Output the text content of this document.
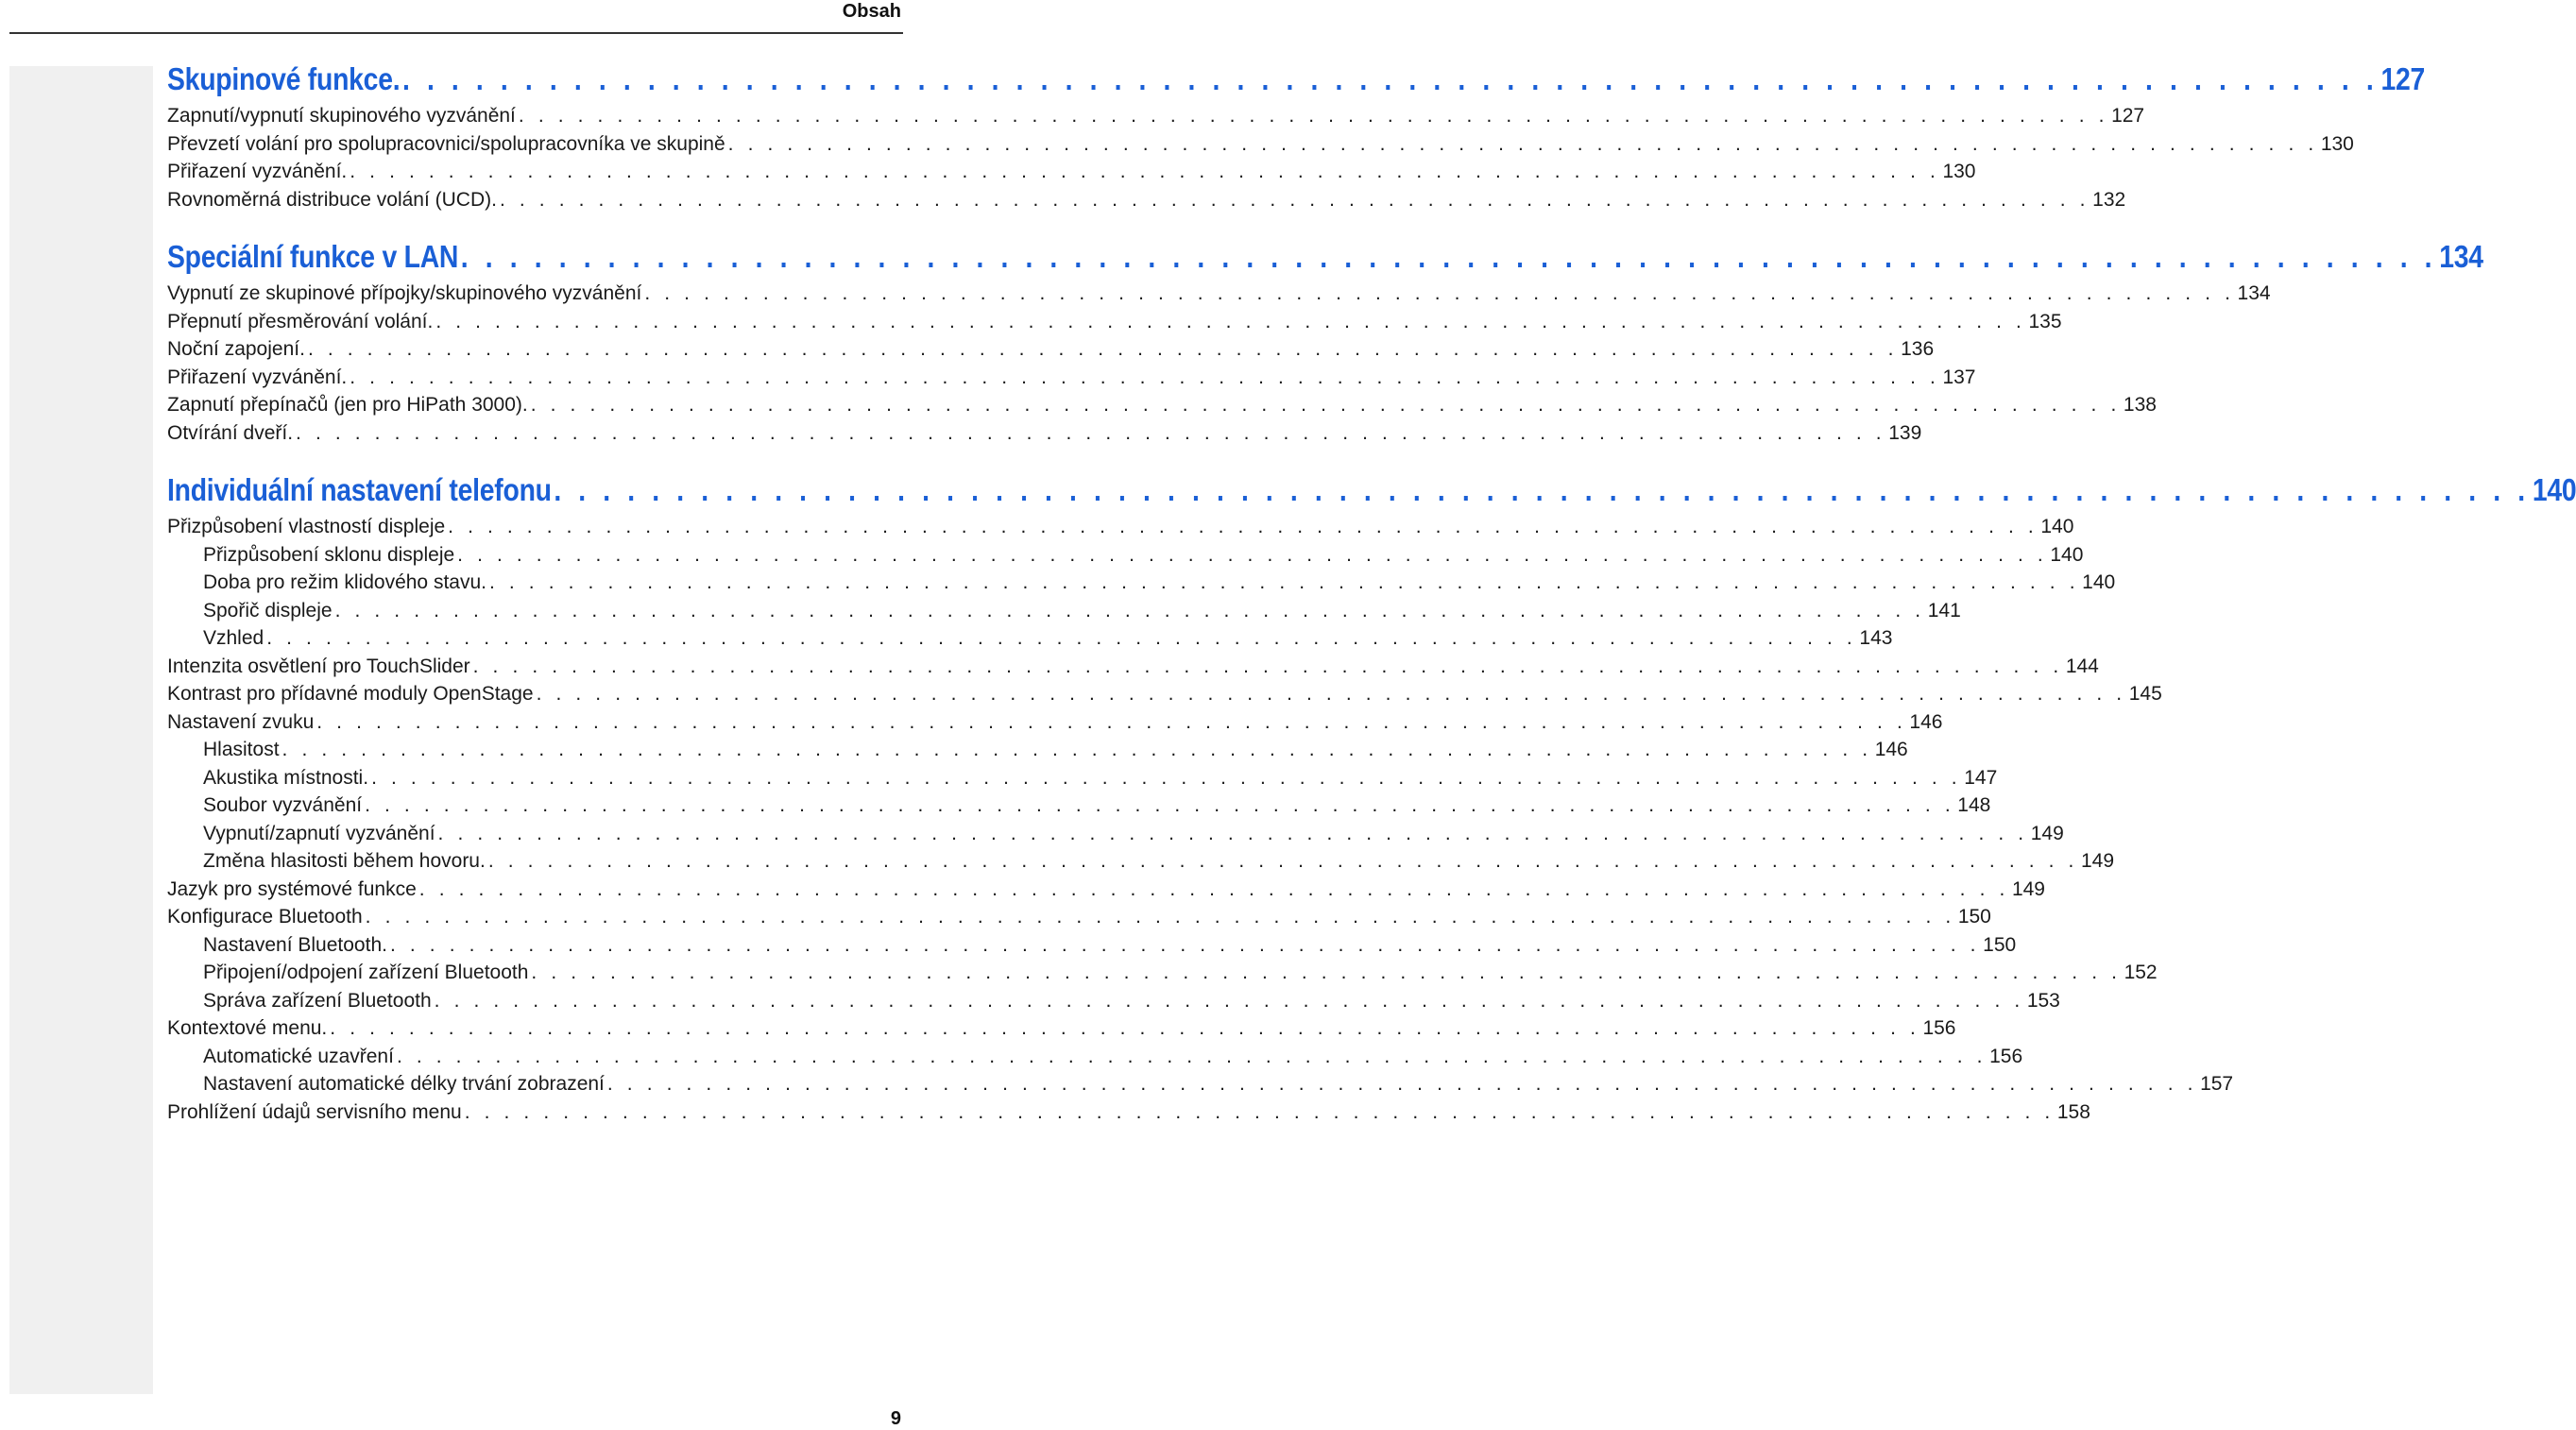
Obsah
Skupinové funkce. . . . . . . . . . . . . . . . . . . . . . . . . . . . . . . . . . . . . . . . . . . . . . . . . . . . . . . . . . . . . . . . . . . . . . . . . . . . . . . . . . 127
Zapnutí/vypnutí skupinového vyzvánění . . . . . . . . . . . . . . . . . . . . . . . . . . . . . . . . . . . . . . . . . . . . . . . . . . . . . . . . . . . . . . . . . . . . . . . . . . . . . . . . . 127
Převzetí volání pro spolupracovnici/spolupracovníka ve skupině . . . . . . . . . . . . . . . . . . . . . . . . . . . . . . . . . . . . . . . . . . . . . . . . . . . . . . . . . . . . . . . . . . . . . . . . . . . . . . . . . 130
Přiřazení vyzvánění. . . . . . . . . . . . . . . . . . . . . . . . . . . . . . . . . . . . . . . . . . . . . . . . . . . . . . . . . . . . . . . . . . . . . . . . . . . . . . . . . . 130
Rovnoměrná distribuce volání (UCD). . . . . . . . . . . . . . . . . . . . . . . . . . . . . . . . . . . . . . . . . . . . . . . . . . . . . . . . . . . . . . . . . . . . . . . . . . . . . . . . . . 132
Speciální funkce v LAN . . . . . . . . . . . . . . . . . . . . . . . . . . . . . . . . . . . . . . . . . . . . . . . . . . . . . . . . . . . . . . . . . . . . . . . . . . . . . . . . . 134
Vypnutí ze skupinové přípojky/skupinového vyzvánění . . . . . . . . . . . . . . . . . . . . . . . . . . . . . . . . . . . . . . . . . . . . . . . . . . . . . . . . . . . . . . . . . . . . . . . . . . . . . . . . . 134
Přepnutí přesměrování volání. . . . . . . . . . . . . . . . . . . . . . . . . . . . . . . . . . . . . . . . . . . . . . . . . . . . . . . . . . . . . . . . . . . . . . . . . . . . . . . . . . 135
Noční zapojení. . . . . . . . . . . . . . . . . . . . . . . . . . . . . . . . . . . . . . . . . . . . . . . . . . . . . . . . . . . . . . . . . . . . . . . . . . . . . . . . . . 136
Přiřazení vyzvánění. . . . . . . . . . . . . . . . . . . . . . . . . . . . . . . . . . . . . . . . . . . . . . . . . . . . . . . . . . . . . . . . . . . . . . . . . . . . . . . . . . 137
Zapnutí přepínačů (jen pro HiPath 3000). . . . . . . . . . . . . . . . . . . . . . . . . . . . . . . . . . . . . . . . . . . . . . . . . . . . . . . . . . . . . . . . . . . . . . . . . . . . . . . . . . 138
Otvírání dveří. . . . . . . . . . . . . . . . . . . . . . . . . . . . . . . . . . . . . . . . . . . . . . . . . . . . . . . . . . . . . . . . . . . . . . . . . . . . . . . . . . 139
Individuální nastavení telefonu . . . . . . . . . . . . . . . . . . . . . . . . . . . . . . . . . . . . . . . . . . . . . . . . . . . . . . . . . . . . . . . . . . . . . . . . . . . . . . . . . 140
Přizpůsobení vlastností displeje . . . . . . . . . . . . . . . . . . . . . . . . . . . . . . . . . . . . . . . . . . . . . . . . . . . . . . . . . . . . . . . . . . . . . . . . . . . . . . . . . 140
Přizpůsobení sklonu displeje . . . . . . . . . . . . . . . . . . . . . . . . . . . . . . . . . . . . . . . . . . . . . . . . . . . . . . . . . . . . . . . . . . . . . . . . . . . . . . . . . 140
Doba pro režim klidového stavu. . . . . . . . . . . . . . . . . . . . . . . . . . . . . . . . . . . . . . . . . . . . . . . . . . . . . . . . . . . . . . . . . . . . . . . . . . . . . . . . . . 140
Spořič displeje . . . . . . . . . . . . . . . . . . . . . . . . . . . . . . . . . . . . . . . . . . . . . . . . . . . . . . . . . . . . . . . . . . . . . . . . . . . . . . . . . 141
Vzhled . . . . . . . . . . . . . . . . . . . . . . . . . . . . . . . . . . . . . . . . . . . . . . . . . . . . . . . . . . . . . . . . . . . . . . . . . . . . . . . . . 143
Intenzita osvětlení pro TouchSlider . . . . . . . . . . . . . . . . . . . . . . . . . . . . . . . . . . . . . . . . . . . . . . . . . . . . . . . . . . . . . . . . . . . . . . . . . . . . . . . . . 144
Kontrast pro přídavné moduly OpenStage . . . . . . . . . . . . . . . . . . . . . . . . . . . . . . . . . . . . . . . . . . . . . . . . . . . . . . . . . . . . . . . . . . . . . . . . . . . . . . . . . 145
Nastavení zvuku . . . . . . . . . . . . . . . . . . . . . . . . . . . . . . . . . . . . . . . . . . . . . . . . . . . . . . . . . . . . . . . . . . . . . . . . . . . . . . . . . 146
Hlasitost . . . . . . . . . . . . . . . . . . . . . . . . . . . . . . . . . . . . . . . . . . . . . . . . . . . . . . . . . . . . . . . . . . . . . . . . . . . . . . . . . 146
Akustika místnosti. . . . . . . . . . . . . . . . . . . . . . . . . . . . . . . . . . . . . . . . . . . . . . . . . . . . . . . . . . . . . . . . . . . . . . . . . . . . . . . . . . 147
Soubor vyzvánění . . . . . . . . . . . . . . . . . . . . . . . . . . . . . . . . . . . . . . . . . . . . . . . . . . . . . . . . . . . . . . . . . . . . . . . . . . . . . . . . . 148
Vypnutí/zapnutí vyzvánění . . . . . . . . . . . . . . . . . . . . . . . . . . . . . . . . . . . . . . . . . . . . . . . . . . . . . . . . . . . . . . . . . . . . . . . . . . . . . . . . . 149
Změna hlasitosti během hovoru. . . . . . . . . . . . . . . . . . . . . . . . . . . . . . . . . . . . . . . . . . . . . . . . . . . . . . . . . . . . . . . . . . . . . . . . . . . . . . . . . . 149
Jazyk pro systémové funkce . . . . . . . . . . . . . . . . . . . . . . . . . . . . . . . . . . . . . . . . . . . . . . . . . . . . . . . . . . . . . . . . . . . . . . . . . . . . . . . . . 149
Konfigurace Bluetooth . . . . . . . . . . . . . . . . . . . . . . . . . . . . . . . . . . . . . . . . . . . . . . . . . . . . . . . . . . . . . . . . . . . . . . . . . . . . . . . . . 150
Nastavení Bluetooth. . . . . . . . . . . . . . . . . . . . . . . . . . . . . . . . . . . . . . . . . . . . . . . . . . . . . . . . . . . . . . . . . . . . . . . . . . . . . . . . . . 150
Připojení/odpojení zařízení Bluetooth . . . . . . . . . . . . . . . . . . . . . . . . . . . . . . . . . . . . . . . . . . . . . . . . . . . . . . . . . . . . . . . . . . . . . . . . . . . . . . . . . 152
Správa zařízení Bluetooth . . . . . . . . . . . . . . . . . . . . . . . . . . . . . . . . . . . . . . . . . . . . . . . . . . . . . . . . . . . . . . . . . . . . . . . . . . . . . . . . . 153
Kontextové menu. . . . . . . . . . . . . . . . . . . . . . . . . . . . . . . . . . . . . . . . . . . . . . . . . . . . . . . . . . . . . . . . . . . . . . . . . . . . . . . . . . 156
Automatické uzavření . . . . . . . . . . . . . . . . . . . . . . . . . . . . . . . . . . . . . . . . . . . . . . . . . . . . . . . . . . . . . . . . . . . . . . . . . . . . . . . . . 156
Nastavení automatické délky trvání zobrazení . . . . . . . . . . . . . . . . . . . . . . . . . . . . . . . . . . . . . . . . . . . . . . . . . . . . . . . . . . . . . . . . . . . . . . . . . . . . . . . . . 157
Prohlížení údajů servisního menu . . . . . . . . . . . . . . . . . . . . . . . . . . . . . . . . . . . . . . . . . . . . . . . . . . . . . . . . . . . . . . . . . . . . . . . . . . . . . . . . . 158
9
